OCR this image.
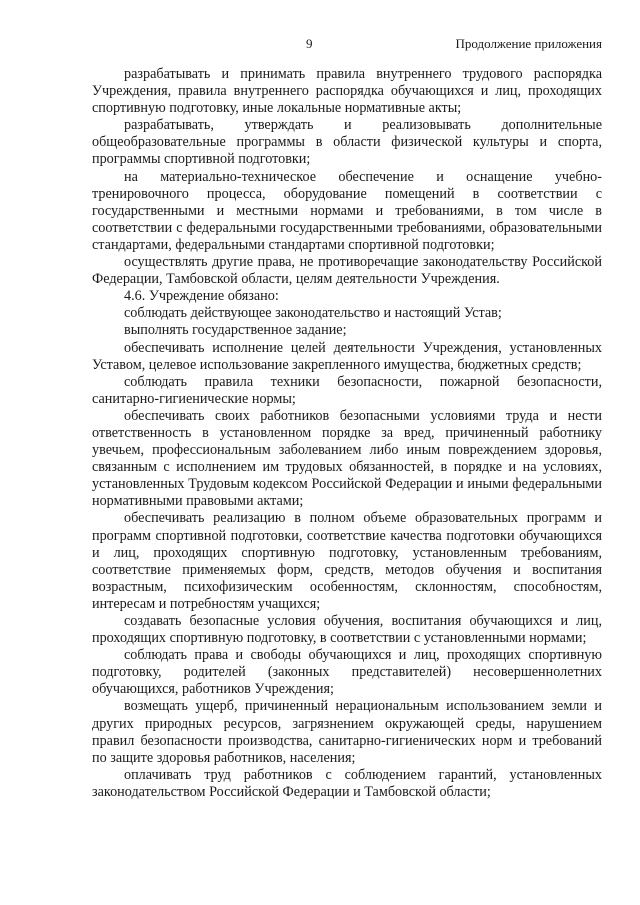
9	Продолжение приложения

разрабатывать и принимать правила внутреннего трудового распорядка Учреждения, правила внутреннего распорядка обучающихся и лиц, проходящих спортивную подготовку, иные локальные нормативные акты;

разрабатывать, утверждать и реализовывать дополнительные общеобразовательные программы в области физической культуры и спорта, программы спортивной подготовки;

на материально-техническое обеспечение и оснащение учебно-тренировочного процесса, оборудование помещений в соответствии с государственными и местными нормами и требованиями, в том числе в соответствии с федеральными государственными требованиями, образовательными стандартами, федеральными стандартами спортивной подготовки;

осуществлять другие права, не противоречащие законодательству Российской Федерации, Тамбовской области, целям деятельности Учреждения.

4.6. Учреждение обязано:

соблюдать действующее законодательство и настоящий Устав;

выполнять государственное задание;

обеспечивать исполнение целей деятельности Учреждения, установленных Уставом, целевое использование закрепленного имущества, бюджетных средств;

соблюдать правила техники безопасности, пожарной безопасности, санитарно-гигиенические нормы;

обеспечивать своих работников безопасными условиями труда и нести ответственность в установленном порядке за вред, причиненный работнику увечьем, профессиональным заболеванием либо иным повреждением здоровья, связанным с исполнением им трудовых обязанностей, в порядке и на условиях, установленных Трудовым кодексом Российской Федерации и иными федеральными нормативными правовыми актами;

обеспечивать реализацию в полном объеме образовательных программ и программ спортивной подготовки, соответствие качества подготовки обучающихся и лиц, проходящих спортивную подготовку, установленным требованиям, соответствие применяемых форм, средств, методов обучения и воспитания возрастным, психофизическим особенностям, склонностям, способностям, интересам и потребностям учащихся;

создавать безопасные условия обучения, воспитания обучающихся и лиц, проходящих спортивную подготовку, в соответствии с установленными нормами;

соблюдать права и свободы обучающихся и лиц, проходящих спортивную подготовку, родителей (законных представителей) несовершеннолетних обучающихся, работников Учреждения;

возмещать ущерб, причиненный нерациональным использованием земли и других природных ресурсов, загрязнением окружающей среды, нарушением правил безопасности производства, санитарно-гигиенических норм и требований по защите здоровья работников, населения;

оплачивать труд работников с соблюдением гарантий, установленных законодательством Российской Федерации и Тамбовской области;
